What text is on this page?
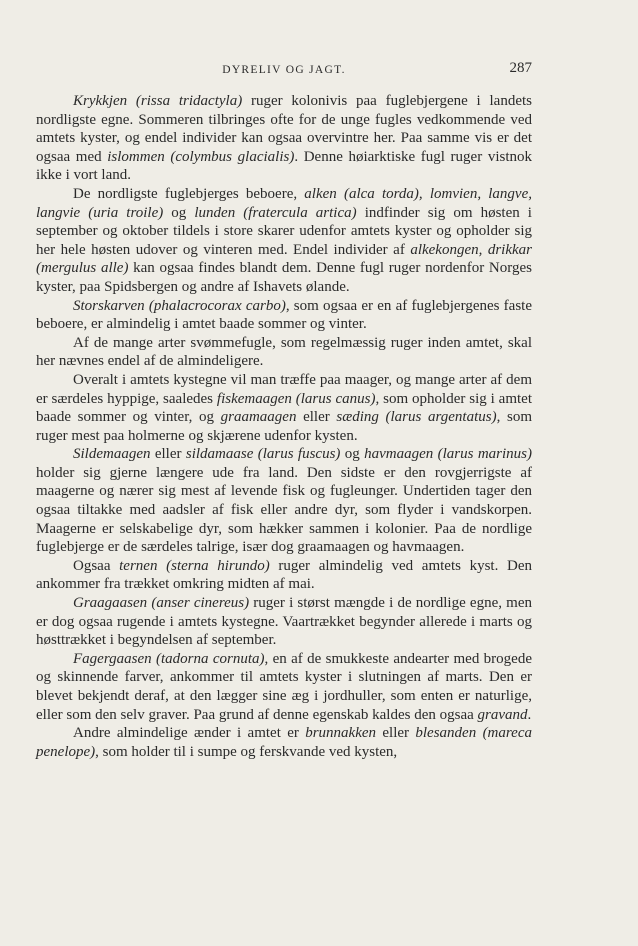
DYRELIV OG JAGT.	287

Krykkjen (rissa tridactyla) ruger kolonivis paa fuglebjergene i landets nordligste egne. Sommeren tilbringes ofte for de unge fugles vedkommende ved amtets kyster, og endel individer kan ogsaa overvintre her. Paa samme vis er det ogsaa med islommen (colymbus glacialis). Denne høiarktiske fugl ruger vistnok ikke i vort land.

De nordligste fuglebjerges beboere, alken (alca torda), lomvien, langve, langvie (uria troile) og lunden (fratercula artica) indfinder sig om høsten i september og oktober tildels i store skarer udenfor amtets kyster og opholder sig her hele høsten udover og vinteren med. Endel individer af alkekongen, drikkar (mergulus alle) kan ogsaa findes blandt dem. Denne fugl ruger nordenfor Norges kyster, paa Spidsbergen og andre af Ishavets ølande.

Storskarven (phalacrocorax carbo), som ogsaa er en af fuglebjergenes faste beboere, er almindelig i amtet baade sommer og vinter.

Af de mange arter svømmefugle, som regelmæssig ruger inden amtet, skal her nævnes endel af de almindeligere.

Overalt i amtets kystegne vil man træffe paa maager, og mange arter af dem er særdeles hyppige, saaledes fiskemaagen (larus canus), som opholder sig i amtet baade sommer og vinter, og graamaagen eller sæding (larus argentatus), som ruger mest paa holmerne og skjærene udenfor kysten.

Sildemaagen eller sildamaase (larus fuscus) og havmaagen (larus marinus) holder sig gjerne længere ude fra land. Den sidste er den rovgjerrigste af maagerne og nærer sig mest af levende fisk og fugleunger. Undertiden tager den ogsaa tiltakke med aadsler af fisk eller andre dyr, som flyder i vandskorpen. Maagerne er selskabelige dyr, som hækker sammen i kolonier. Paa de nordlige fuglebjerge er de særdeles talrige, især dog graamaagen og havmaagen.

Ogsaa ternen (sterna hirundo) ruger almindelig ved amtets kyst. Den ankommer fra trækket omkring midten af mai.

Graagaasen (anser cinereus) ruger i størst mængde i de nordlige egne, men er dog ogsaa rugende i amtets kystegne. Vaartrækket begynder allerede i marts og høsttrækket i begyndelsen af september.

Fagergaasen (tadorna cornuta), en af de smukkeste andearter med brogede og skinnende farver, ankommer til amtets kyster i slutningen af marts. Den er blevet bekjendt deraf, at den lægger sine æg i jordhuller, som enten er naturlige, eller som den selv graver. Paa grund af denne egenskab kaldes den ogsaa gravand.

Andre almindelige ænder i amtet er brunnakken eller blesanden (mareca penelope), som holder til i sumpe og ferskvande ved kysten,
